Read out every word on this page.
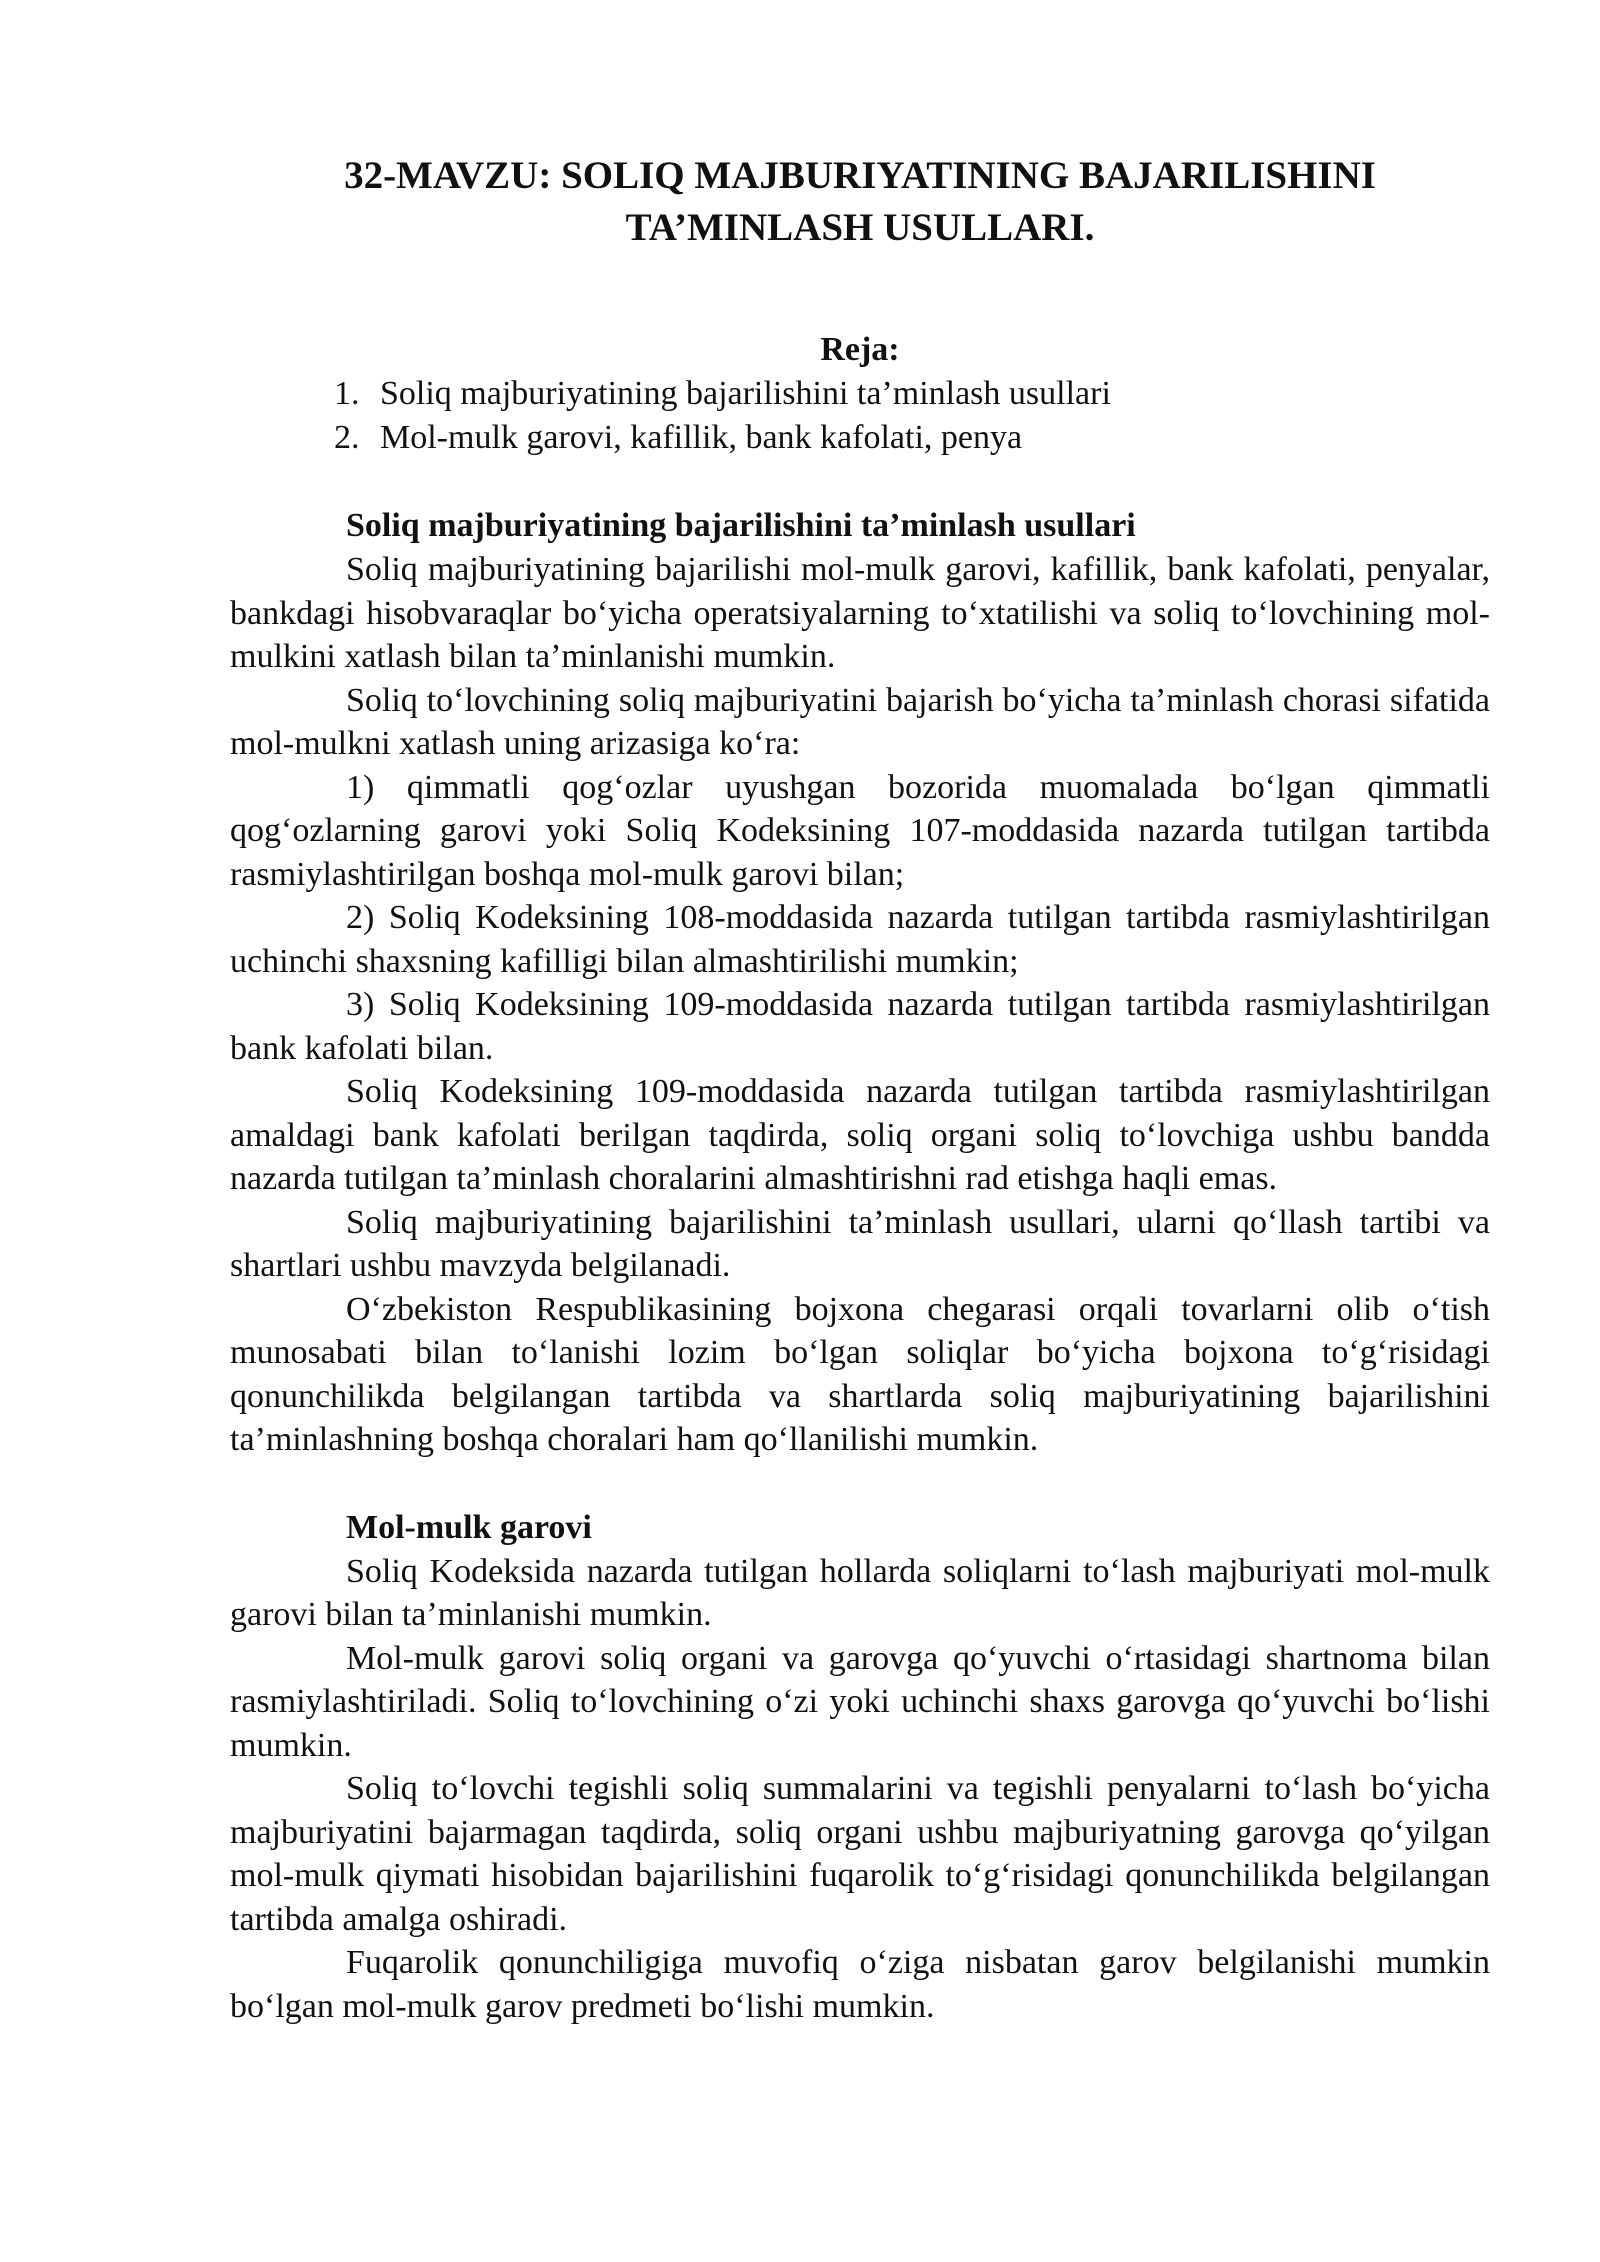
32-MAVZU: SOLIQ MAJBURIYATINING BAJARILISHINI
TA’MINLASH USULLARI.
Reja:
1. Soliq majburiyatining bajarilishini ta’minlash usullari
2. Mol-mulk garovi, kafillik, bank kafolati, penya
Soliq majburiyatining bajarilishini ta’minlash usullari

Soliq majburiyatining bajarilishi mol-mulk garovi, kafillik, bank kafolati, penyalar, bankdagi hisobvaraqlar boʻyicha operatsiyalarning toʻxtatilishi va soliq toʻlovchining mol-mulkini xatlash bilan ta’minlanishi mumkin.

Soliq toʻlovchining soliq majburiyatini bajarish boʻyicha ta’minlash chorasi sifatida mol-mulkni xatlash uning arizasiga koʻra:

1) qimmatli qogʻozlar uyushgan bozorida muomalada boʻlgan qimmatli qogʻozlarning garovi yoki Soliq Kodeksining 107-moddasida nazarda tutilgan tartibda rasmiylashtirilgan boshqa mol-mulk garovi bilan;

2) Soliq Kodeksining 108-moddasida nazarda tutilgan tartibda rasmiylashtirilgan uchinchi shaxsning kafilligi bilan almashtirilishi mumkin;

3) Soliq Kodeksining 109-moddasida nazarda tutilgan tartibda rasmiylashtirilgan bank kafolati bilan.

Soliq Kodeksining 109-moddasida nazarda tutilgan tartibda rasmiylashtirilgan amaldagi bank kafolati berilgan taqdirda, soliq organi soliq toʻlovchiga ushbu bandda nazarda tutilgan ta’minlash choralarini almashtirishni rad etishga haqli emas.

Soliq majburiyatining bajarilishini ta’minlash usullari, ularni qoʻllash tartibi va shartlari ushbu mavzyda belgilanadi.

Oʻzbekiston Respublikasining bojxona chegarasi orqali tovarlarni olib oʻtish munosabati bilan toʻlanishi lozim boʻlgan soliqlar boʻyicha bojxona toʻgʻrisidagi qonunchilikda belgilangan tartibda va shartlarda soliq majburiyatining bajarilishini ta’minlashning boshqa choralari ham qoʻllanilishi mumkin.

Mol-mulk garovi

Soliq Kodeksida nazarda tutilgan hollarda soliqlarni toʻlash majburiyati mol-mulk garovi bilan ta’minlanishi mumkin.

Mol-mulk garovi soliq organi va garovga qoʻyuvchi oʻrtasidagi shartnoma bilan rasmiylashtiriladi. Soliq toʻlovchining oʻzi yoki uchinchi shaxs garovga qoʻyuvchi boʻlishi mumkin.

Soliq toʻlovchi tegishli soliq summalarini va tegishli penyalarni toʻlash boʻyicha majburiyatini bajarmagan taqdirda, soliq organi ushbu majburiyatning garovga qoʻyilgan mol-mulk qiymati hisobidan bajarilishini fuqarolik toʻgʻrisidagi qonunchilikda belgilangan tartibda amalga oshiradi.

Fuqarolik qonunchiligiga muvofiq oʻziga nisbatan garov belgilanishi mumkin boʻlgan mol-mulk garov predmeti boʻlishi mumkin.
